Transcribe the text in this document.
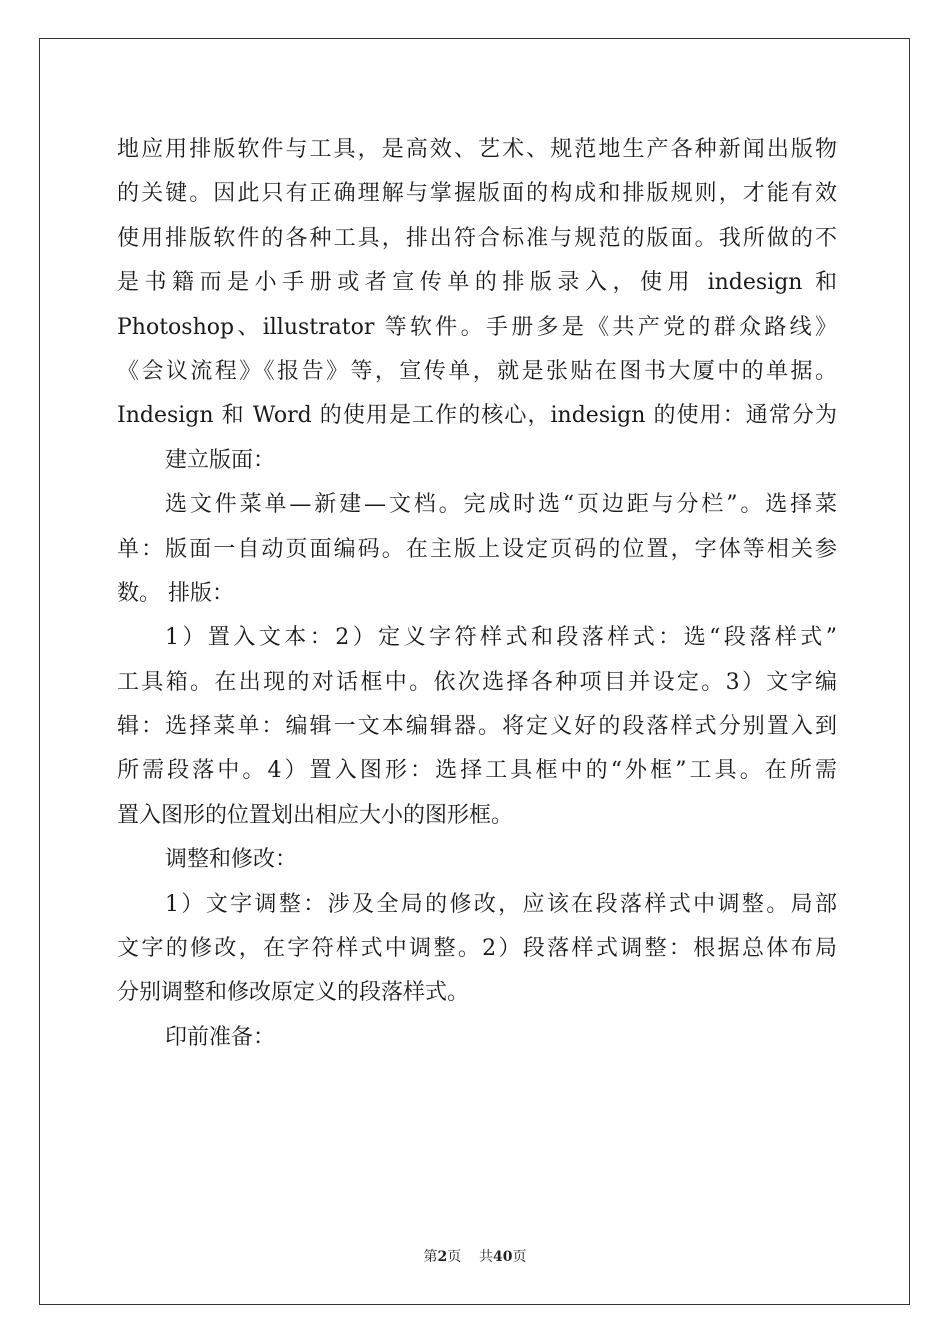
地应用排版软件与工具，是高效、艺术、规范地生产各种新闻出版物
的关键。因此只有正确理解与掌握版面的构成和排版规则，才能有效
使用排版软件的各种工具，排出符合标准与规范的版面。我所做的不
是书籍而是小手册或者宣传单的排版录入，使用 indesign 和
Photoshop、illustrator 等软件。手册多是《共产党的群众路线》
《会议流程》《报告》等，宣传单，就是张贴在图书大厦中的单据。
Indesign 和 Word 的使用是工作的核心，indesign 的使用：通常分为
建立版面：
选文件菜单—新建—文档。完成时选“页边距与分栏”。选择菜
单：版面一自动页面编码。在主版上设定页码的位置，字体等相关参
数。 排版：
1）置入文本：2）定义字符样式和段落样式：选“段落样式”
工具箱。在出现的对话框中。依次选择各种项目并设定。3）文字编
辑：选择菜单：编辑一文本编辑器。将定义好的段落样式分别置入到
所需段落中。4）置入图形：选择工具框中的“外框”工具。在所需
置入图形的位置划出相应大小的图形框。
调整和修改：
1）文字调整：涉及全局的修改，应该在段落样式中调整。局部
文字的修改，在字符样式中调整。2）段落样式调整：根据总体布局
分别调整和修改原定义的段落样式。
印前准备：
第2页 共40页
